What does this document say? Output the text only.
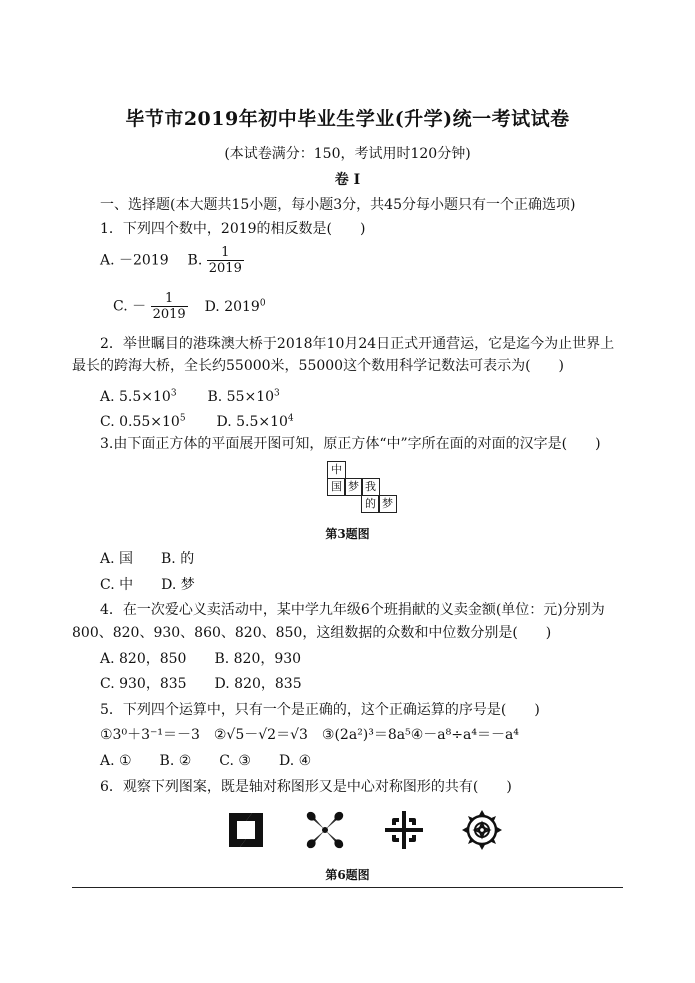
毕节市2019年初中毕业生学业(升学)统一考试试卷
(本试卷满分：150，考试用时120分钟)
卷 I
一、选择题(本大题共15小题，每小题3分，共45分每小题只有一个正确选项)
1．下列四个数中，2019的相反数是(　　)
A. －2019 B. $\frac{1}{2019}$
C. － $\frac{1}{2019} D$. 2019$^0$
2．举世瞩目的港珠澳大桥于2018年10月24日正式开通营运，它是迄今为止世界上
最长的跨海大桥，全长约55000米，55000这个数用科学记数法可表示为(　　)
A. $5.5\times 10^3$ B. $55\times 10^3$
C. $0.55\times 10^5$ D. $5.5\times 10^4$
3.由下面正方体的平面展开图可知，原正方体“中”字所在面的对面的汉字是(　　)
中
国 梦 我
的 梦
第3题图
A. 国　　B. 的
C. 中　　D. 梦
4．在一次爱心义卖活动中，某中学九年级6个班捐献的义卖金额(单位：元)分别为
800、820、930、860、820、850，这组数据的众数和中位数分别是(　　)
A. 820，850　　B. 820，930
C. 930，835　　D. 820，835
5．下列四个运算中，只有一个是正确的，这个正确运算的序号是(　　)
①3⁰＋3⁻¹＝－3　②√5－√2＝√3　③(2a²)³＝8a⁵④－a⁸÷a⁴＝－a⁴
A. ①　　B. ②　　C. ③　　D. ④
6．观察下列图案，既是轴对称图形又是中心对称图形的共有(　　)
第6题图
